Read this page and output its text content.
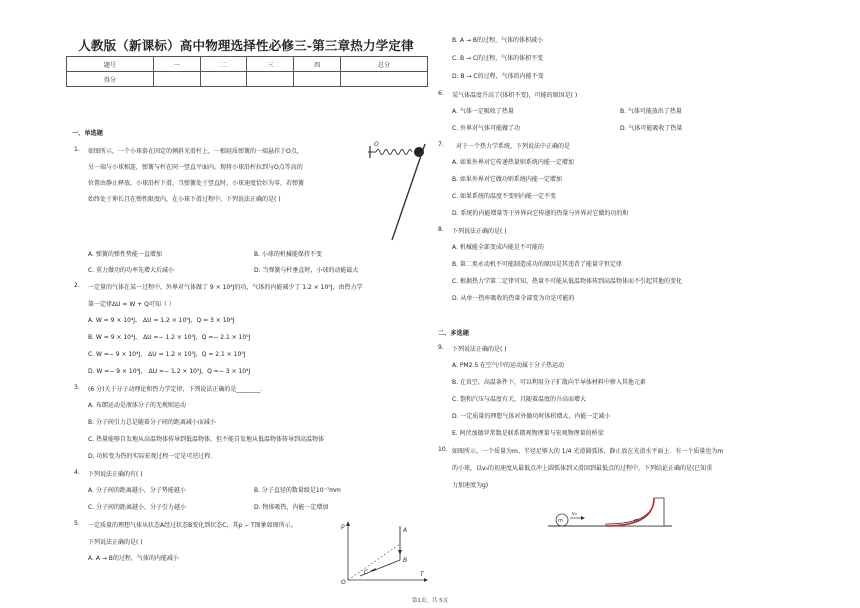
人教版（新课标）高中物理选择性必修三-第三章热力学定律
题号	一	二	三	四	总分
得分					
一、单选题
1. 如图所示，一个小球套在固定的倾斜光滑杆上，一根轻质弹簧的一端悬挂于O点，
另一端与小球相连，弹簧与杆在同一竖直平面内。现将小球沿杆拉到与O点等高的
位置由静止释放，小球沿杆下滑，当弹簧处于竖直时，小球速度恰好为零，若弹簧
始终处于伸长且在弹性限度内，在小球下滑过程中，下列说法正确的是( )
O
A. 弹簧的弹性势能一直增加	B. 小球的机械能保持不变
C. 重力做功的功率先增大后减小	D. 当弹簧与杆垂直时，小球的动能最大
2. 一定量的气体在某一过程中，外界对气体做了 9 × 10⁴J的功，气体的内能减少了 1.2 × 10⁵J，由热力学
第一定律ΔU = W + Q可知（ ）
A. W = 9 × 10⁴J， ΔU = 1.2 × 10⁵J，Q = 3 × 10⁴J
B. W = 9 × 10⁴J， ΔU =− 1.2 × 10⁵J，Q =− 2.1 × 10⁵J
C. W =− 9 × 10⁴J， ΔU = 1.2 × 10⁵J，Q = 2.1 × 10⁵J
D. W =− 9 × 10⁴J， ΔU =− 1.2 × 10⁵J，Q =− 3 × 10⁴J
3. (6 分)关于分子动理论和热力学定律，下列说法正确的是________．
A. 布朗运动是液体分子的无规则运动
B. 分子间引力总是随着分子间的距离减小而减小
C. 热量能够自发地从高温物体传导到低温物体，但不能自发地从低温物体传导到高温物体
D. 功转变为热的实际宏观过程一定是可逆过程．
4. 下列说法正确的有( )
A. 分子间的距离越小，分子势能越小	B. 分子直径的数量级是10⁻⁷mm
C. 分子间的距离越小，分子引力越小	D. 物体吸热，内能一定增加
5. 一定质量的理想气体从状态A经过状态B变化到状态C，其p − T图象如图所示。
下列说法正确的是( )
A. A → B的过程，气体的内能减小
p
T
O
A
B
C
B. A → B的过程，气体的体积减小
C. B → C的过程，气体的体积不变
D. B → C的过程，气体的内能不变
6. 某气体温度升高了(体积不变)，可能的原因是( )
A. 气体一定吸收了热量	B. 气体可能放出了热量
C. 外界对气体可能做了功	D. 气体可能吸收了热量
7. 对于一个热力学系统，下列说法中正确的是
A. 如果外界对它传递热量则系统内能一定增加
B. 如果外界对它做功则系统内能一定增加
C. 如果系统的温度不变则内能一定不变
D. 系统的内能增量等于外界向它传递的热量与外界对它做的功的和
8. 下列说法正确的是( )
A. 机械能全部变成内能是不可能的
B. 第二类永动机不可能制造成功的原因是其违背了能量守恒定律
C. 根据热力学第二定律可知，热量不可能从低温物体传到高温物体而不引起其他的变化
D. 从单一热库吸收的热量全部变为功是可能的
二、多选题
9. 下列说法正确的是( )
A. PM2.5 在空气中的运动属于分子热运动
B. 在真空、高温条件下，可以利用分子扩散向半导体材料中掺入其他元素
C. 饱和汽压与温度有关，且随着温度的升高而增大
D. 一定质量的理想气体对外做功时体积增大，内能一定减小
E. 阿伏加德罗常数是联系微观物理量与宏观物理量的桥梁
10. 如图所示，一个质量为m、半径足够大的 1/4 光滑圆弧体，静止放在光滑水平面上．有一个质量也为m
的小球，以v₀的初速度从最低点冲上圆弧体到又滑回到最低点的过程中，下列结论正确的是(已知重
力加速度为g)
m
v₀
m
第1页，共 5页
